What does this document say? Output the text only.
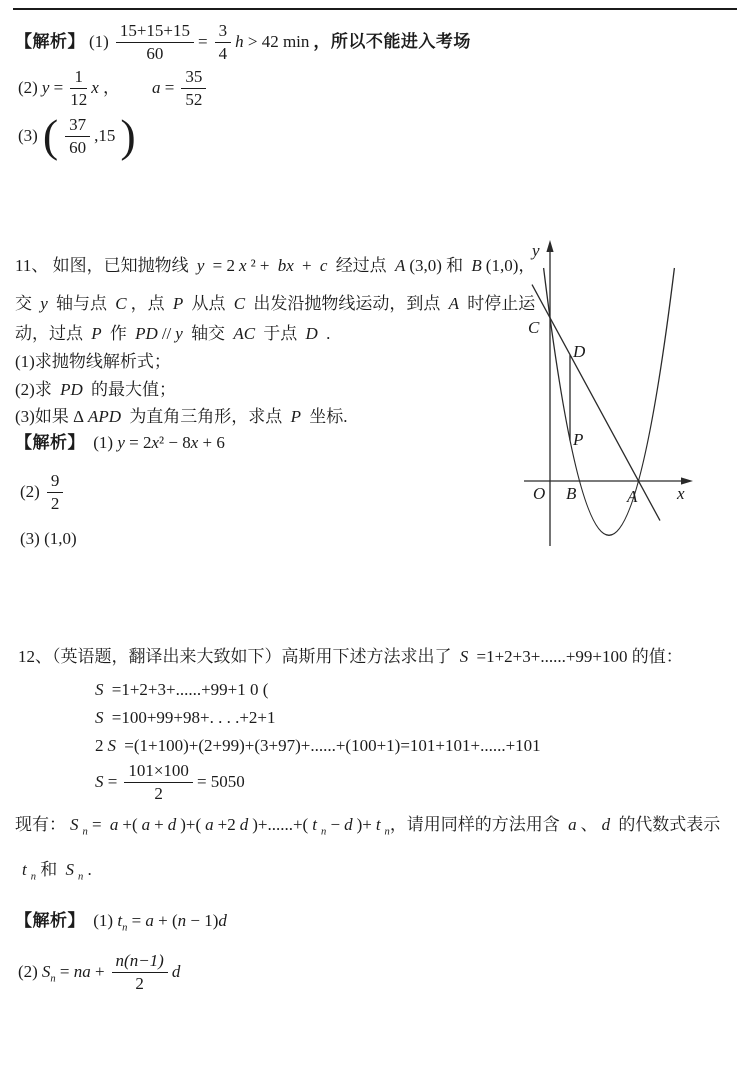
【解析】 $(1) \frac{15+15+15}{60} = \frac{3}{4}$ h > 42 min ，所以不能进入考场
(2) $y = \frac{1}{12}$ x ， $a = \frac{35}{52}$
(3) ( $\frac{37}{60} ,15$ )
11、 如图，已知抛物线 y = 2 x ² + bx + c 经过点 A (3,0) 和 B (1,0)，
交 y 轴与点 C ，点 P 从点 C 出发沿抛物线运动，到点 A 时停止运
动，过点 P 作 PD // y 轴交 AC 于点 D .
(1)求抛物线解析式；
(2)求 PD 的最大值；
(3)如果 Δ APD 为直角三角形，求点 P 坐标.
y
x
O
C
D
P
B	A
【解析】 (1) y = 2x² − 8x + 6
$(2) \frac{9}{2}$
(3) (1,0)
12、（英语题，翻译出来大致如下）高斯用下述方法求出了 S =1+2+3+......+99+100 的值：
S =1+2+3+......+99+1 0 (
S =100+99+98+. . . .+2+1
2 S =(1+100)+(2+99)+(3+97)+......+(100+1)=101+101+......+101
$S = \frac{101\times 100}{2} = 5050$
现有： S $_n$ = a +( a + d )+( a +2 d )+......+( t $_n$ − d )+ t $_n$，请用同样的方法用含 a 、 d 的代数式表示
t $_n$ 和 S $_n$ .
【解析】 (1) $t_n = a + (n - 1)d$
(2) $S_n$ = na + $\frac{n(n-1)}{2}$ d
